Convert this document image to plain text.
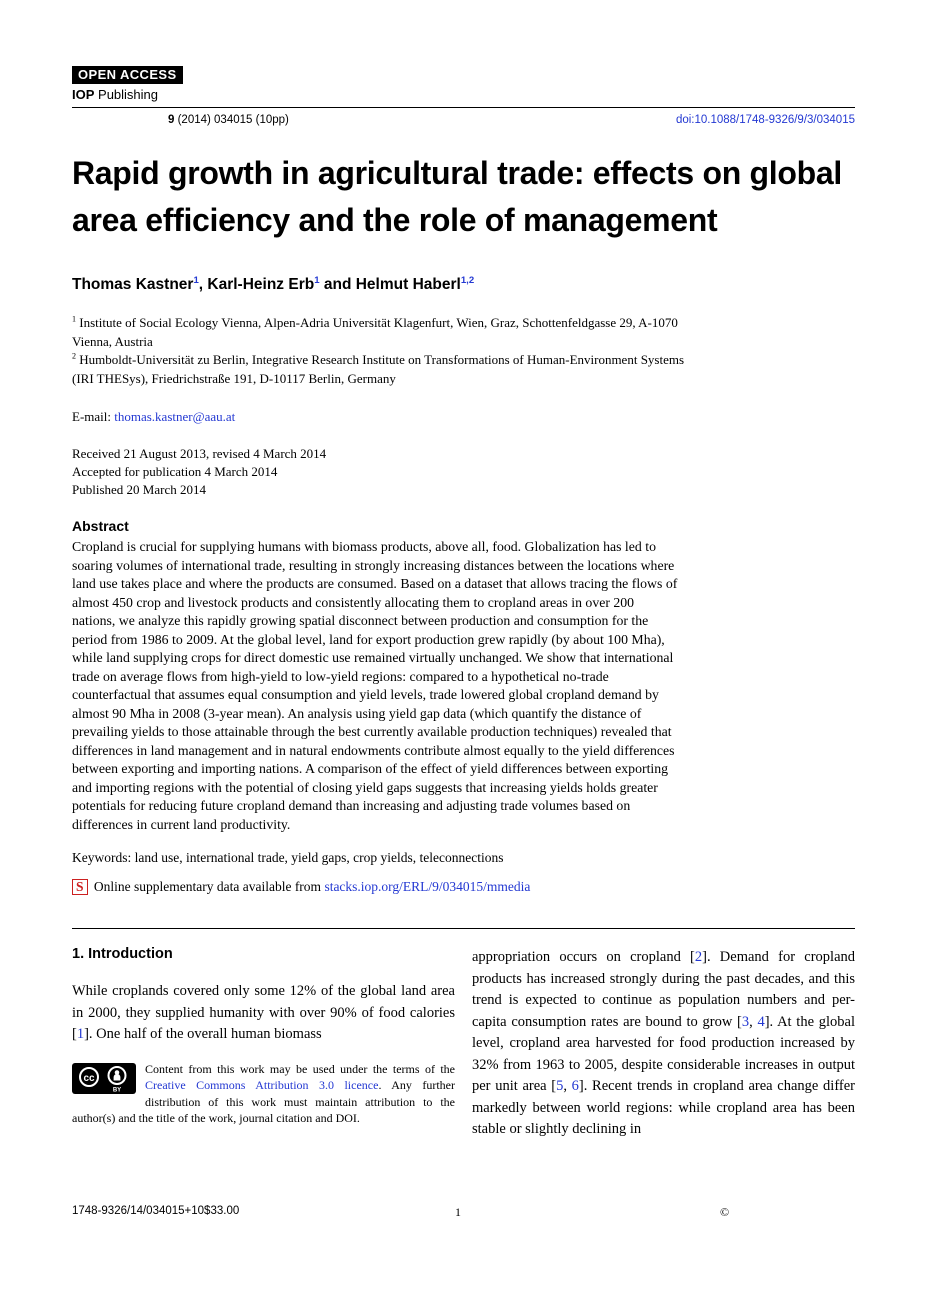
OPEN ACCESS
IOP Publishing
9 (2014) 034015 (10pp)	doi:10.1088/1748-9326/9/3/034015
Rapid growth in agricultural trade: effects on global area efficiency and the role of management
Thomas Kastner$^1$, Karl-Heinz Erb$^1$ and Helmut Haberl$^{1,2}$
$^1$ Institute of Social Ecology Vienna, Alpen-Adria Universität Klagenfurt, Wien, Graz, Schottenfeldgasse 29, A-1070 Vienna, Austria
$^2$ Humboldt-Universität zu Berlin, Integrative Research Institute on Transformations of Human-Environment Systems (IRI THESys), Friedrichstraße 191, D-10117 Berlin, Germany
E-mail: thomas.kastner@aau.at
Received 21 August 2013, revised 4 March 2014
Accepted for publication 4 March 2014
Published 20 March 2014
Abstract

Cropland is crucial for supplying humans with biomass products, above all, food. Globalization has led to soaring volumes of international trade, resulting in strongly increasing distances between the locations where land use takes place and where the products are consumed. Based on a dataset that allows tracing the flows of almost 450 crop and livestock products and consistently allocating them to cropland areas in over 200 nations, we analyze this rapidly growing spatial disconnect between production and consumption for the period from 1986 to 2009. At the global level, land for export production grew rapidly (by about 100 Mha), while land supplying crops for direct domestic use remained virtually unchanged. We show that international trade on average flows from high-yield to low-yield regions: compared to a hypothetical no-trade counterfactual that assumes equal consumption and yield levels, trade lowered global cropland demand by almost 90 Mha in 2008 (3-year mean). An analysis using yield gap data (which quantify the distance of prevailing yields to those attainable through the best currently available production techniques) revealed that differences in land management and in natural endowments contribute almost equally to the yield differences between exporting and importing nations. A comparison of the effect of yield differences between exporting and importing regions with the potential of closing yield gaps suggests that increasing yields holds greater potentials for reducing future cropland demand than increasing and adjusting trade volumes based on differences in current land productivity.

Keywords: land use, international trade, yield gaps, crop yields, teleconnections
S Online supplementary data available from stacks.iop.org/ERL/9/034015/mmedia
1. Introduction

While croplands covered only some 12% of the global land area in 2000, they supplied humanity with over 90% of food calories [1]. One half of the overall human biomass

cc
BY
Content from this work may be used under the terms of the Creative Commons Attribution 3.0 licence. Any further distribution of this work must maintain attribution to the author(s) and the title of the work, journal citation and DOI.

appropriation occurs on cropland [2]. Demand for cropland products has increased strongly during the past decades, and this trend is expected to continue as population numbers and per-capita consumption rates are bound to grow [3, 4]. At the global level, cropland area harvested for food production increased by 32% from 1963 to 2005, despite considerable increases in output per unit area [5, 6]. Recent trends in cropland area change differ markedly between world regions: while cropland area has been stable or slightly declining in

1748-9326/14/034015+10$33.00	1	©
